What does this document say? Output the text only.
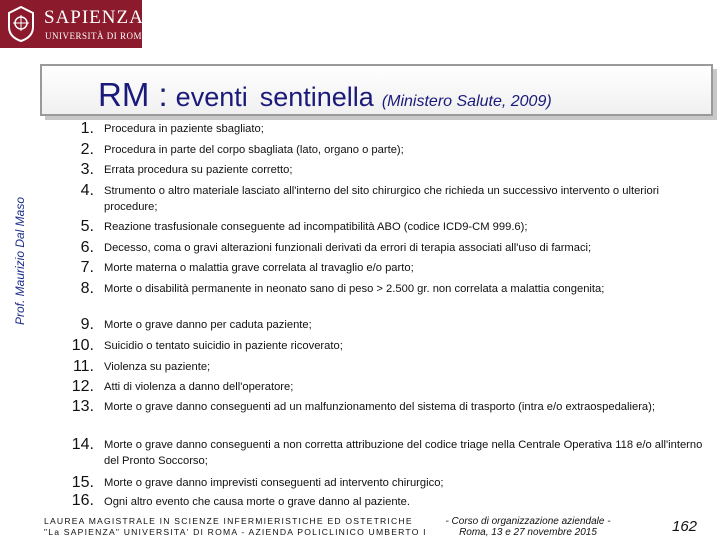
SAPIENZA
UNIVERSITÀ DI ROMA
Prof. Maurizio Dal Maso
RM : eventi sentinella (Ministero Salute, 2009)
1. Procedura in paziente sbagliato;
2. Procedura in parte del corpo sbagliata (lato, organo o parte);
3. Errata procedura su paziente corretto;
4. Strumento o altro materiale lasciato all'interno del sito chirurgico che richieda un successivo intervento o ulteriori procedure;
5. Reazione trasfusionale conseguente ad incompatibilità ABO (codice ICD9-CM 999.6);
6. Decesso, coma o gravi alterazioni funzionali derivati da errori di terapia associati all'uso di farmaci;
7. Morte materna o malattia grave correlata al travaglio e/o parto;
8. Morte o disabilità permanente in neonato sano di peso > 2.500 gr. non correlata a malattia congenita;
9. Morte o grave danno per caduta paziente;
10. Suicidio o tentato suicidio in paziente ricoverato;
11. Violenza su paziente;
12. Atti di violenza a danno dell'operatore;
13. Morte o grave danno conseguenti ad un malfunzionamento del sistema di trasporto (intra e/o extraospedaliera);
14. Morte o grave danno conseguenti a non corretta attribuzione del codice triage nella Centrale Operativa 118 e/o all'interno del Pronto Soccorso;
15. Morte o grave danno imprevisti conseguenti ad intervento chirurgico;
16. Ogni altro evento che causa morte o grave danno al paziente.
LAUREA MAGISTRALE IN SCIENZE INFERMIERISTICHE ED OSTETRICHE
"La SAPIENZA" UNIVERSITA' DI ROMA - AZIENDA POLICLINICO UMBERTO I
- Corso di organizzazione aziendale -
Roma, 13 e 27 novembre 2015	162
